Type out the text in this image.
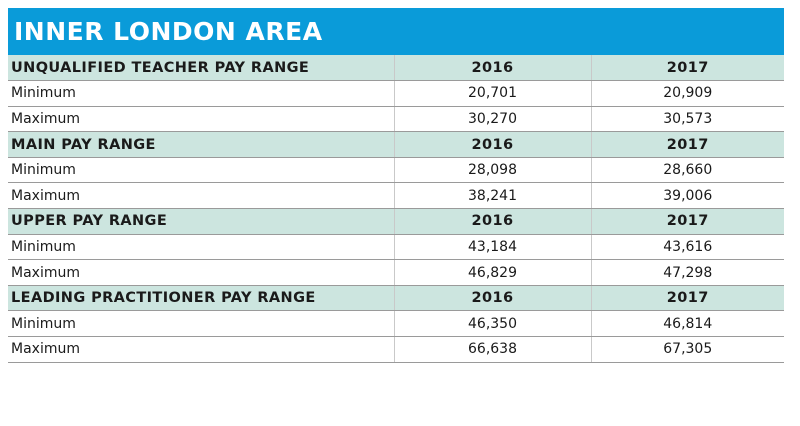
INNER LONDON AREA
UNQUALIFIED TEACHER PAY RANGE	2016	2017
Minimum	20,701	20,909
Maximum	30,270	30,573
MAIN PAY RANGE	2016	2017
Minimum	28,098	28,660
Maximum	38,241	39,006
UPPER PAY RANGE	2016	2017
Minimum	43,184	43,616
Maximum	46,829	47,298
LEADING PRACTITIONER PAY RANGE	2016	2017
Minimum	46,350	46,814
Maximum	66,638	67,305
